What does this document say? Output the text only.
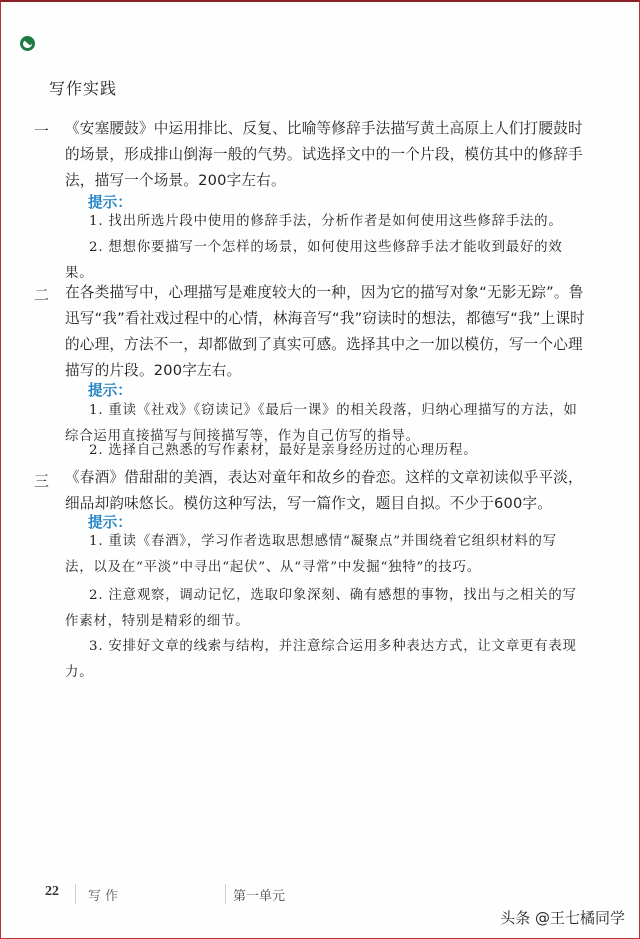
写作实践
一 《安塞腰鼓》中运用排比、反复、比喻等修辞手法描写黄土高原上人们打腰鼓时的场景，形成排山倒海一般的气势。试选择文中的一个片段，模仿其中的修辞手法，描写一个场景。200字左右。
提示：
1. 找出所选片段中使用的修辞手法，分析作者是如何使用这些修辞手法的。
2. 想想你要描写一个怎样的场景，如何使用这些修辞手法才能收到最好的效果。
二 在各类描写中，心理描写是难度较大的一种，因为它的描写对象“无影无踪”。鲁迅写“我”看社戏过程中的心情，林海音写“我”窃读时的想法，都德写“我”上课时的心理，方法不一，却都做到了真实可感。选择其中之一加以模仿，写一个心理描写的片段。200字左右。
提示：
1. 重读《社戏》《窃读记》《最后一课》的相关段落，归纳心理描写的方法，如综合运用直接描写与间接描写等，作为自己仿写的指导。
2. 选择自己熟悉的写作素材，最好是亲身经历过的心理历程。
三 《春酒》借甜甜的美酒，表达对童年和故乡的眷恋。这样的文章初读似乎平淡，细品却韵味悠长。模仿这种写法，写一篇作文，题目自拟。不少于600字。
提示：
1. 重读《春酒》，学习作者选取思想感情“凝聚点”并围绕着它组织材料的写法，以及在“平淡”中寻出“起伏”、从“寻常”中发掘“独特”的技巧。
2. 注意观察，调动记忆，选取印象深刻、确有感想的事物，找出与之相关的写作素材，特别是精彩的细节。
3. 安排好文章的线索与结构，并注意综合运用多种表达方式，让文章更有表现力。
22 写作	第一单元
头条 @王七橘同学
